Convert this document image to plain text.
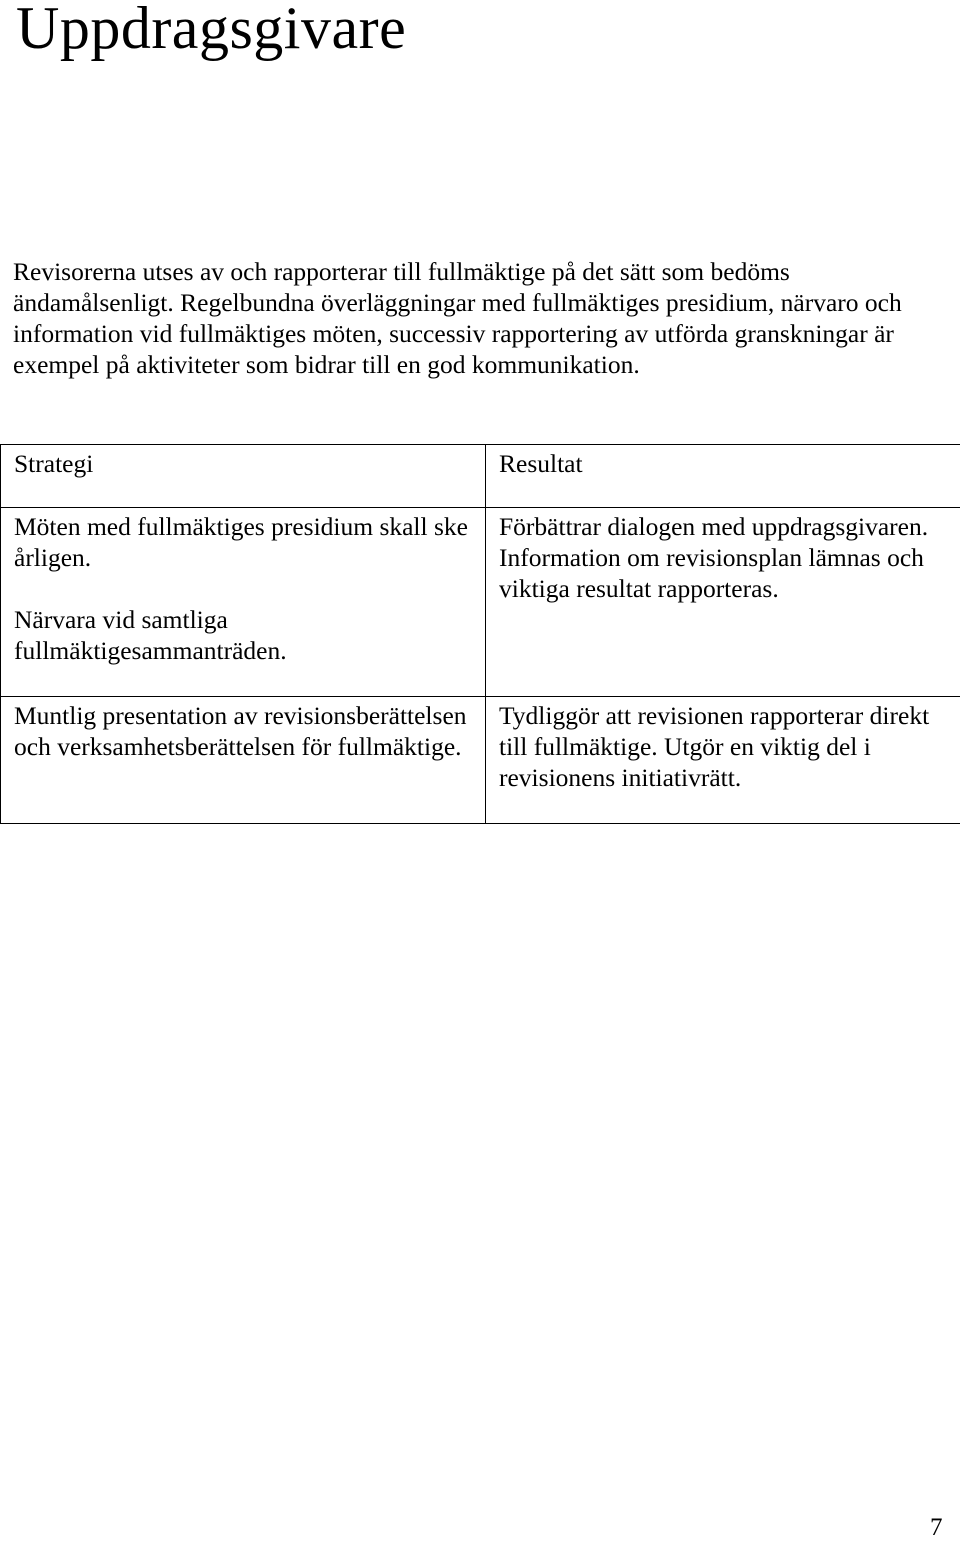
Uppdragsgivare

Revisorerna utses av och rapporterar till fullmäktige på det sätt som bedöms ändamålsenligt. Regelbundna överläggningar med fullmäktiges presidium, närvaro och information vid fullmäktiges möten, successiv rapportering av utförda granskningar är exempel på aktiviteter som bidrar till en god kommunikation.

Strategi	Resultat

Möten med fullmäktiges presidium skall ske årligen.
Närvara vid samtliga fullmäktigesammanträden.	Förbättrar dialogen med uppdragsgivaren. Information om revisionsplan lämnas och viktiga resultat rapporteras.

Muntlig presentation av revisionsberättelsen och verksamhetsberättelsen för fullmäktige.	Tydliggör att revisionen rapporterar direkt till fullmäktige. Utgör en viktig del i revisionens initiativrätt.
7
